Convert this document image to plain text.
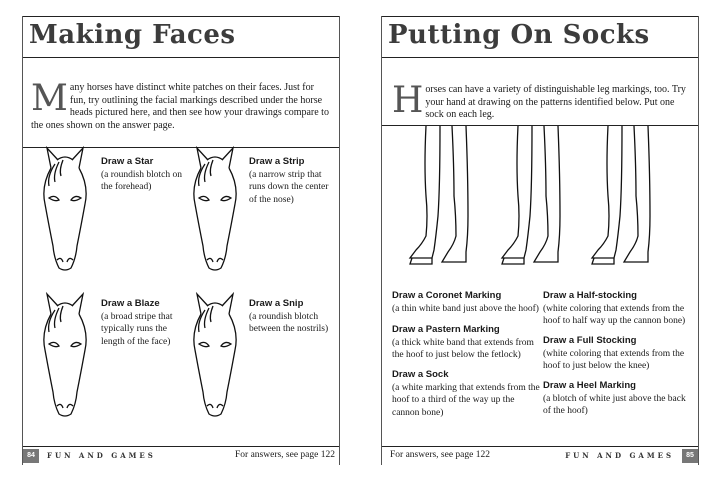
Making Faces
Many horses have distinct white patches on their faces. Just for fun, try outlining the facial markings described under the horse heads pictured here, and then see how your drawings compare to the ones shown on the answer page.
Draw a Star
(a roundish blotch on the forehead)
Draw a Strip
(a narrow strip that runs down the center of the nose)
Draw a Blaze
(a broad stripe that typically runs the length of the face)
Draw a Snip
(a roundish blotch between the nostrils)
84	FUN AND GAMES	For answers, see page 122
Putting On Socks
Horses can have a variety of distinguishable leg markings, too. Try your hand at drawing on the patterns identified below. Put one sock on each leg.
Draw a Coronet Marking
(a thin white band just above the hoof)
Draw a Pastern Marking
(a thick white band that extends from the hoof to just below the fetlock)
Draw a Sock
(a white marking that extends from the hoof to a third of the way up the cannon bone)
Draw a Half-stocking
(white coloring that extends from the hoof to half way up the cannon bone)
Draw a Full Stocking
(white coloring that extends from the hoof to just below the knee)
Draw a Heel Marking
(a blotch of white just above the back of the hoof)
For answers, see page 122	FUN AND GAMES	85
